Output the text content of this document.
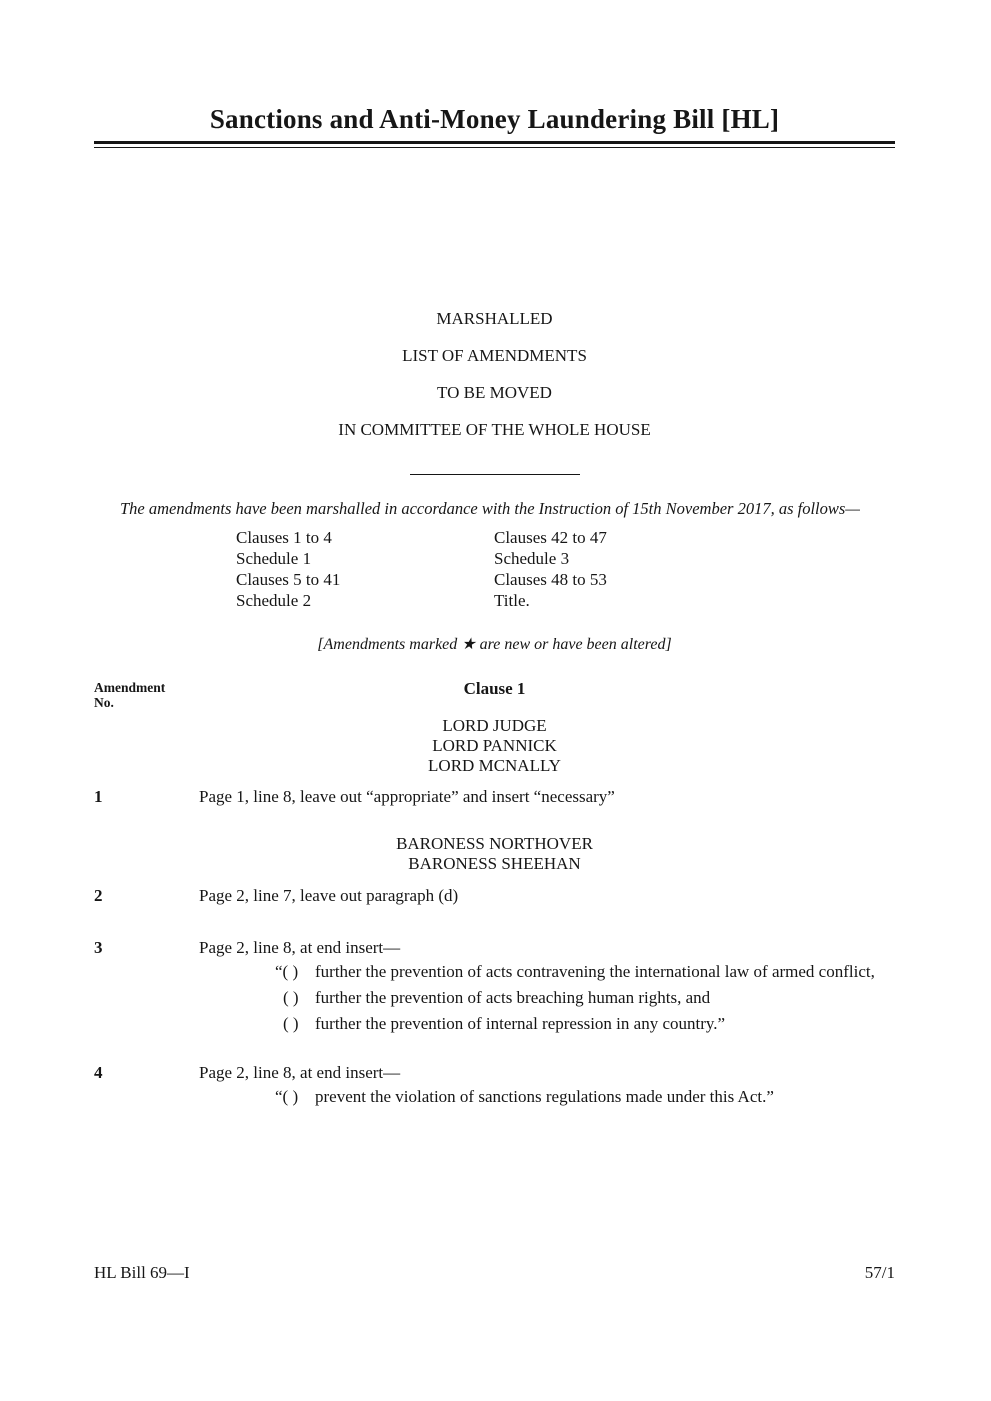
Sanctions and Anti-Money Laundering Bill [HL]
MARSHALLED
LIST OF AMENDMENTS
TO BE MOVED
IN COMMITTEE OF THE WHOLE HOUSE

The amendments have been marshalled in accordance with the Instruction of 15th November 2017, as follows—

Clauses 1 to 4
Schedule 1
Clauses 5 to 41
Schedule 2
Clauses 42 to 47
Schedule 3
Clauses 48 to 53
Title.

[Amendments marked ★ are new or have been altered]

Amendment
No.
Clause 1
LORD JUDGE
LORD PANNICK
LORD MCNALLY
1	Page 1, line 8, leave out “appropriate” and insert “necessary”
BARONESS NORTHOVER
BARONESS SHEEHAN
2	Page 2, line 7, leave out paragraph (d)
3	Page 2, line 8, at end insert—
“( ) further the prevention of acts contravening the international law of armed conflict,
( ) further the prevention of acts breaching human rights, and
( ) further the prevention of internal repression in any country.”
4	Page 2, line 8, at end insert—
“( ) prevent the violation of sanctions regulations made under this Act.”
HL Bill 69—I	57/1
